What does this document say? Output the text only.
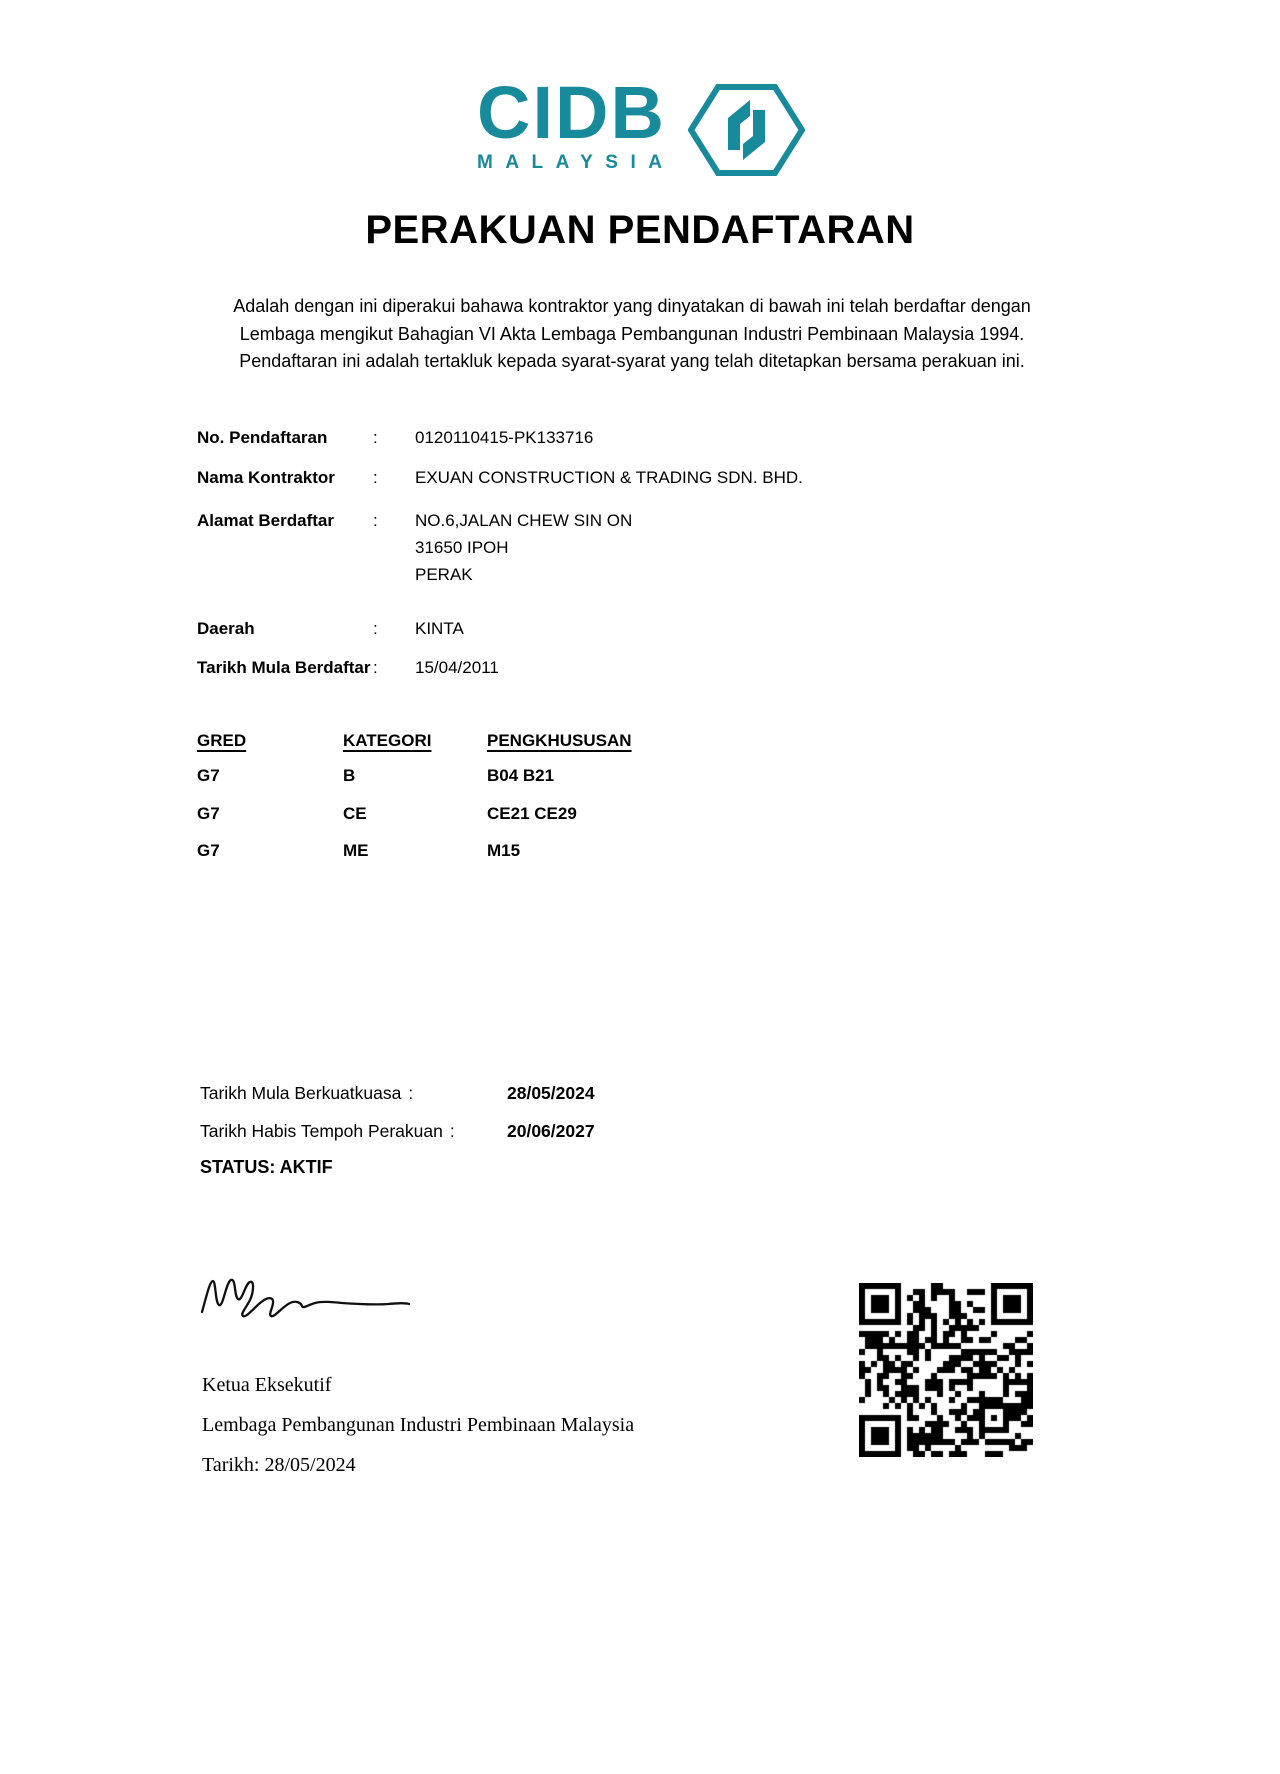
CIDB
MALAYSIA
PERAKUAN PENDAFTARAN
Adalah dengan ini diperakui bahawa kontraktor yang dinyatakan di bawah ini telah berdaftar dengan
Lembaga mengikut Bahagian VI Akta Lembaga Pembangunan Industri Pembinaan Malaysia 1994.
Pendaftaran ini adalah tertakluk kepada syarat-syarat yang telah ditetapkan bersama perakuan ini.
No. Pendaftaran	: 0120110415-PK133716
Nama Kontraktor : EXUAN CONSTRUCTION & TRADING SDN. BHD.
Alamat Berdaftar : NO.6,JALAN CHEW SIN ON
31650 IPOH
PERAK
Daerah	: KINTA
Tarikh Mula Berdaftar : 15/04/2011
GRED	KATEGORI	PENGKHUSUSAN
G7	B	B04 B21
G7	CE	CE21 CE29
G7	ME	M15
Tarikh Mula Berkuatkuasa :	28/05/2024
Tarikh Habis Tempoh Perakuan :	20/06/2027
STATUS: AKTIF
Ketua Eksekutif
Lembaga Pembangunan Industri Pembinaan Malaysia
Tarikh: 28/05/2024
